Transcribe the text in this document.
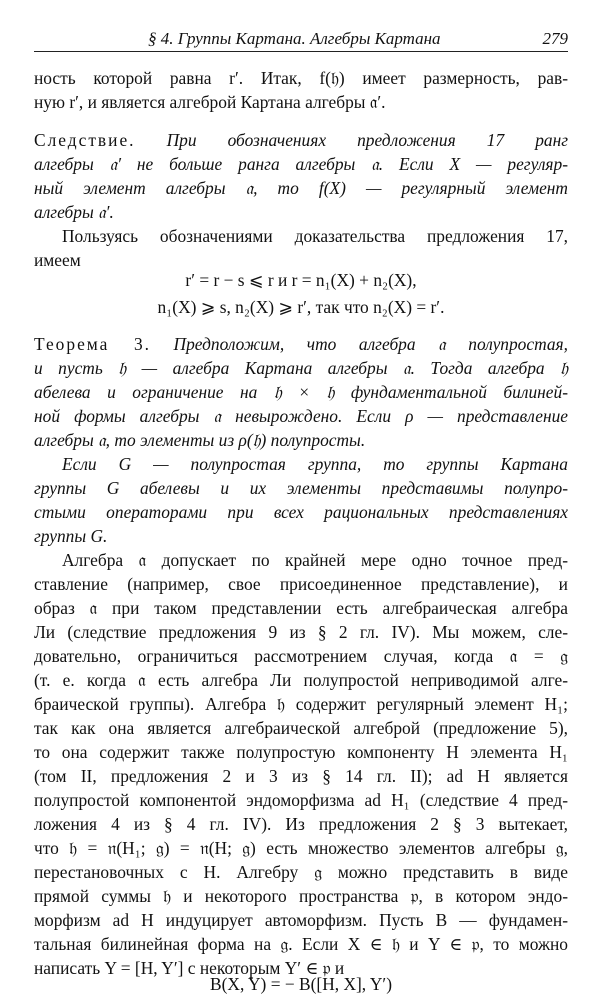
§ 4. Группы Картана. Алгебры Картана	279
ность которой равна r′. Итак, f(𝔥) имеет размерность, рав-
ную r′, и является алгеброй Картана алгебры 𝔞′.
Следствие. При обозначениях предложения 17 ранг
алгебры 𝔞′ не больше ранга алгебры 𝔞. Если X — регуляр-
ный элемент алгебры 𝔞, то f(X) — регулярный элемент
алгебры 𝔞′.
Пользуясь обозначениями доказательства предложения 17,
имеем
r′ = r − s ⩽ r и r = n₁(X) + n₂(X),
n₁(X) ⩾ s, n₂(X) ⩾ r′, так что n₂(X) = r′.
Теорема 3. Предположим, что алгебра 𝔞 полупростая,
и пусть 𝔥 — алгебра Картана алгебры 𝔞. Тогда алгебра 𝔥
абелева и ограничение на 𝔥 × 𝔥 фундаментальной билиней-
ной формы алгебры 𝔞 невырождено. Если ρ — представление
алгебры 𝔞, то элементы из ρ(𝔥) полупросты.
Если G — полупростая группа, то группы Картана
группы G абелевы и их элементы представимы полупро-
стыми операторами при всех рациональных представлениях
группы G.
Алгебра 𝔞 допускает по крайней мере одно точное пред-
ставление (например, свое присоединенное представление), и
образ 𝔞 при таком представлении есть алгебраическая алгебра
Ли (следствие предложения 9 из § 2 гл. IV). Мы можем, сле-
довательно, ограничиться рассмотрением случая, когда 𝔞 = 𝔤
(т. е. когда 𝔞 есть алгебра Ли полупростой неприводимой алге-
браической группы). Алгебра 𝔥 содержит регулярный элемент H₁;
так как она является алгебраической алгеброй (предложение 5),
то она содержит также полупростую компоненту H элемента H₁
(том II, предложения 2 и 3 из § 14 гл. II); ad H является
полупростой компонентой эндоморфизма ad H₁ (следствие 4 пред-
ложения 4 из § 4 гл. IV). Из предложения 2 § 3 вытекает,
что 𝔥 = 𝔫(H₁; 𝔤) = 𝔫(H; 𝔤) есть множество элементов алгебры 𝔤,
перестановочных с H. Алгебру 𝔤 можно представить в виде
прямой суммы 𝔥 и некоторого пространства 𝔭, в котором эндо-
морфизм ad H индуцирует автоморфизм. Пусть B — фундамен-
тальная билинейная форма на 𝔤. Если X ∈ 𝔥 и Y ∈ 𝔭, то можно
написать Y = [H, Y′] с некоторым Y′ ∈ 𝔭 и
B(X, Y) = − B([H, X], Y′)
